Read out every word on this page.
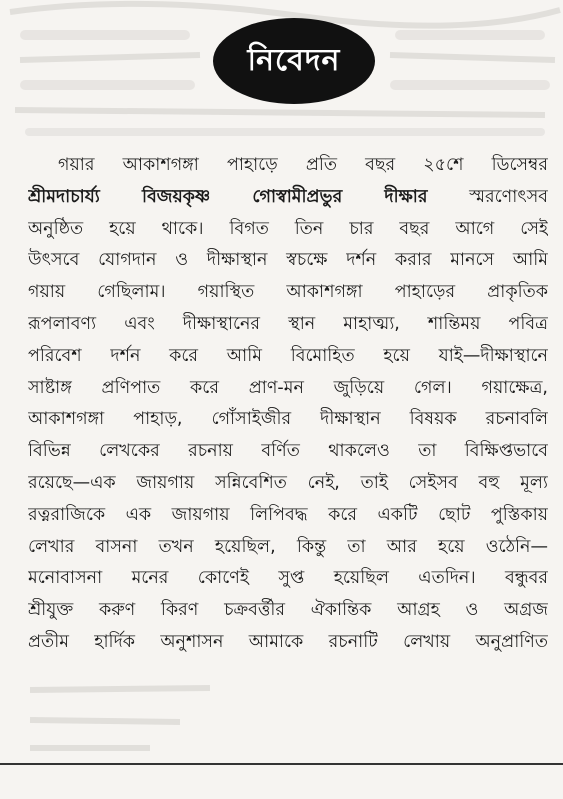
নিবেদন
গয়ার আকাশগঙ্গা পাহাড়ে প্রতি বছর ২৫শে ডিসেম্বর
শ্রীমদাচার্য্য বিজয়কৃষ্ণ গোস্বামীপ্রভুর দীক্ষার স্মরণোৎসব
অনুষ্ঠিত হয়ে থাকে। বিগত তিন চার বছর আগে সেই
উৎসবে যোগদান ও দীক্ষাস্থান স্বচক্ষে দর্শন করার মানসে আমি
গয়ায় গেছিলাম। গয়াস্থিত আকাশগঙ্গা পাহাড়ের প্রাকৃতিক
রূপলাবণ্য এবং দীক্ষাস্থানের স্থান মাহাত্ম্য, শান্তিময় পবিত্র
পরিবেশ দর্শন করে আমি বিমোহিত হয়ে যাই—দীক্ষাস্থানে
সাষ্টাঙ্গ প্রণিপাত করে প্রাণ-মন জুড়িয়ে গেল। গয়াক্ষেত্র,
আকাশগঙ্গা পাহাড়, গোঁসাইজীর দীক্ষাস্থান বিষয়ক রচনাবলি
বিভিন্ন লেখকের রচনায় বর্ণিত থাকলেও তা বিক্ষিপ্তভাবে
রয়েছে—এক জায়গায় সন্নিবেশিত নেই, তাই সেইসব বহু মূল্য
রত্নরাজিকে এক জায়গায় লিপিবদ্ধ করে একটি ছোট পুস্তিকায়
লেখার বাসনা তখন হয়েছিল, কিন্তু তা আর হয়ে ওঠেনি—
মনোবাসনা মনের কোণেই সুপ্ত হয়েছিল এতদিন। বন্ধুবর
শ্রীযুক্ত করুণ কিরণ চক্রবর্ত্তীর ঐকান্তিক আগ্রহ ও অগ্রজ
প্রতীম হার্দিক অনুশাসন আমাকে রচনাটি লেখায় অনুপ্রাণিত
